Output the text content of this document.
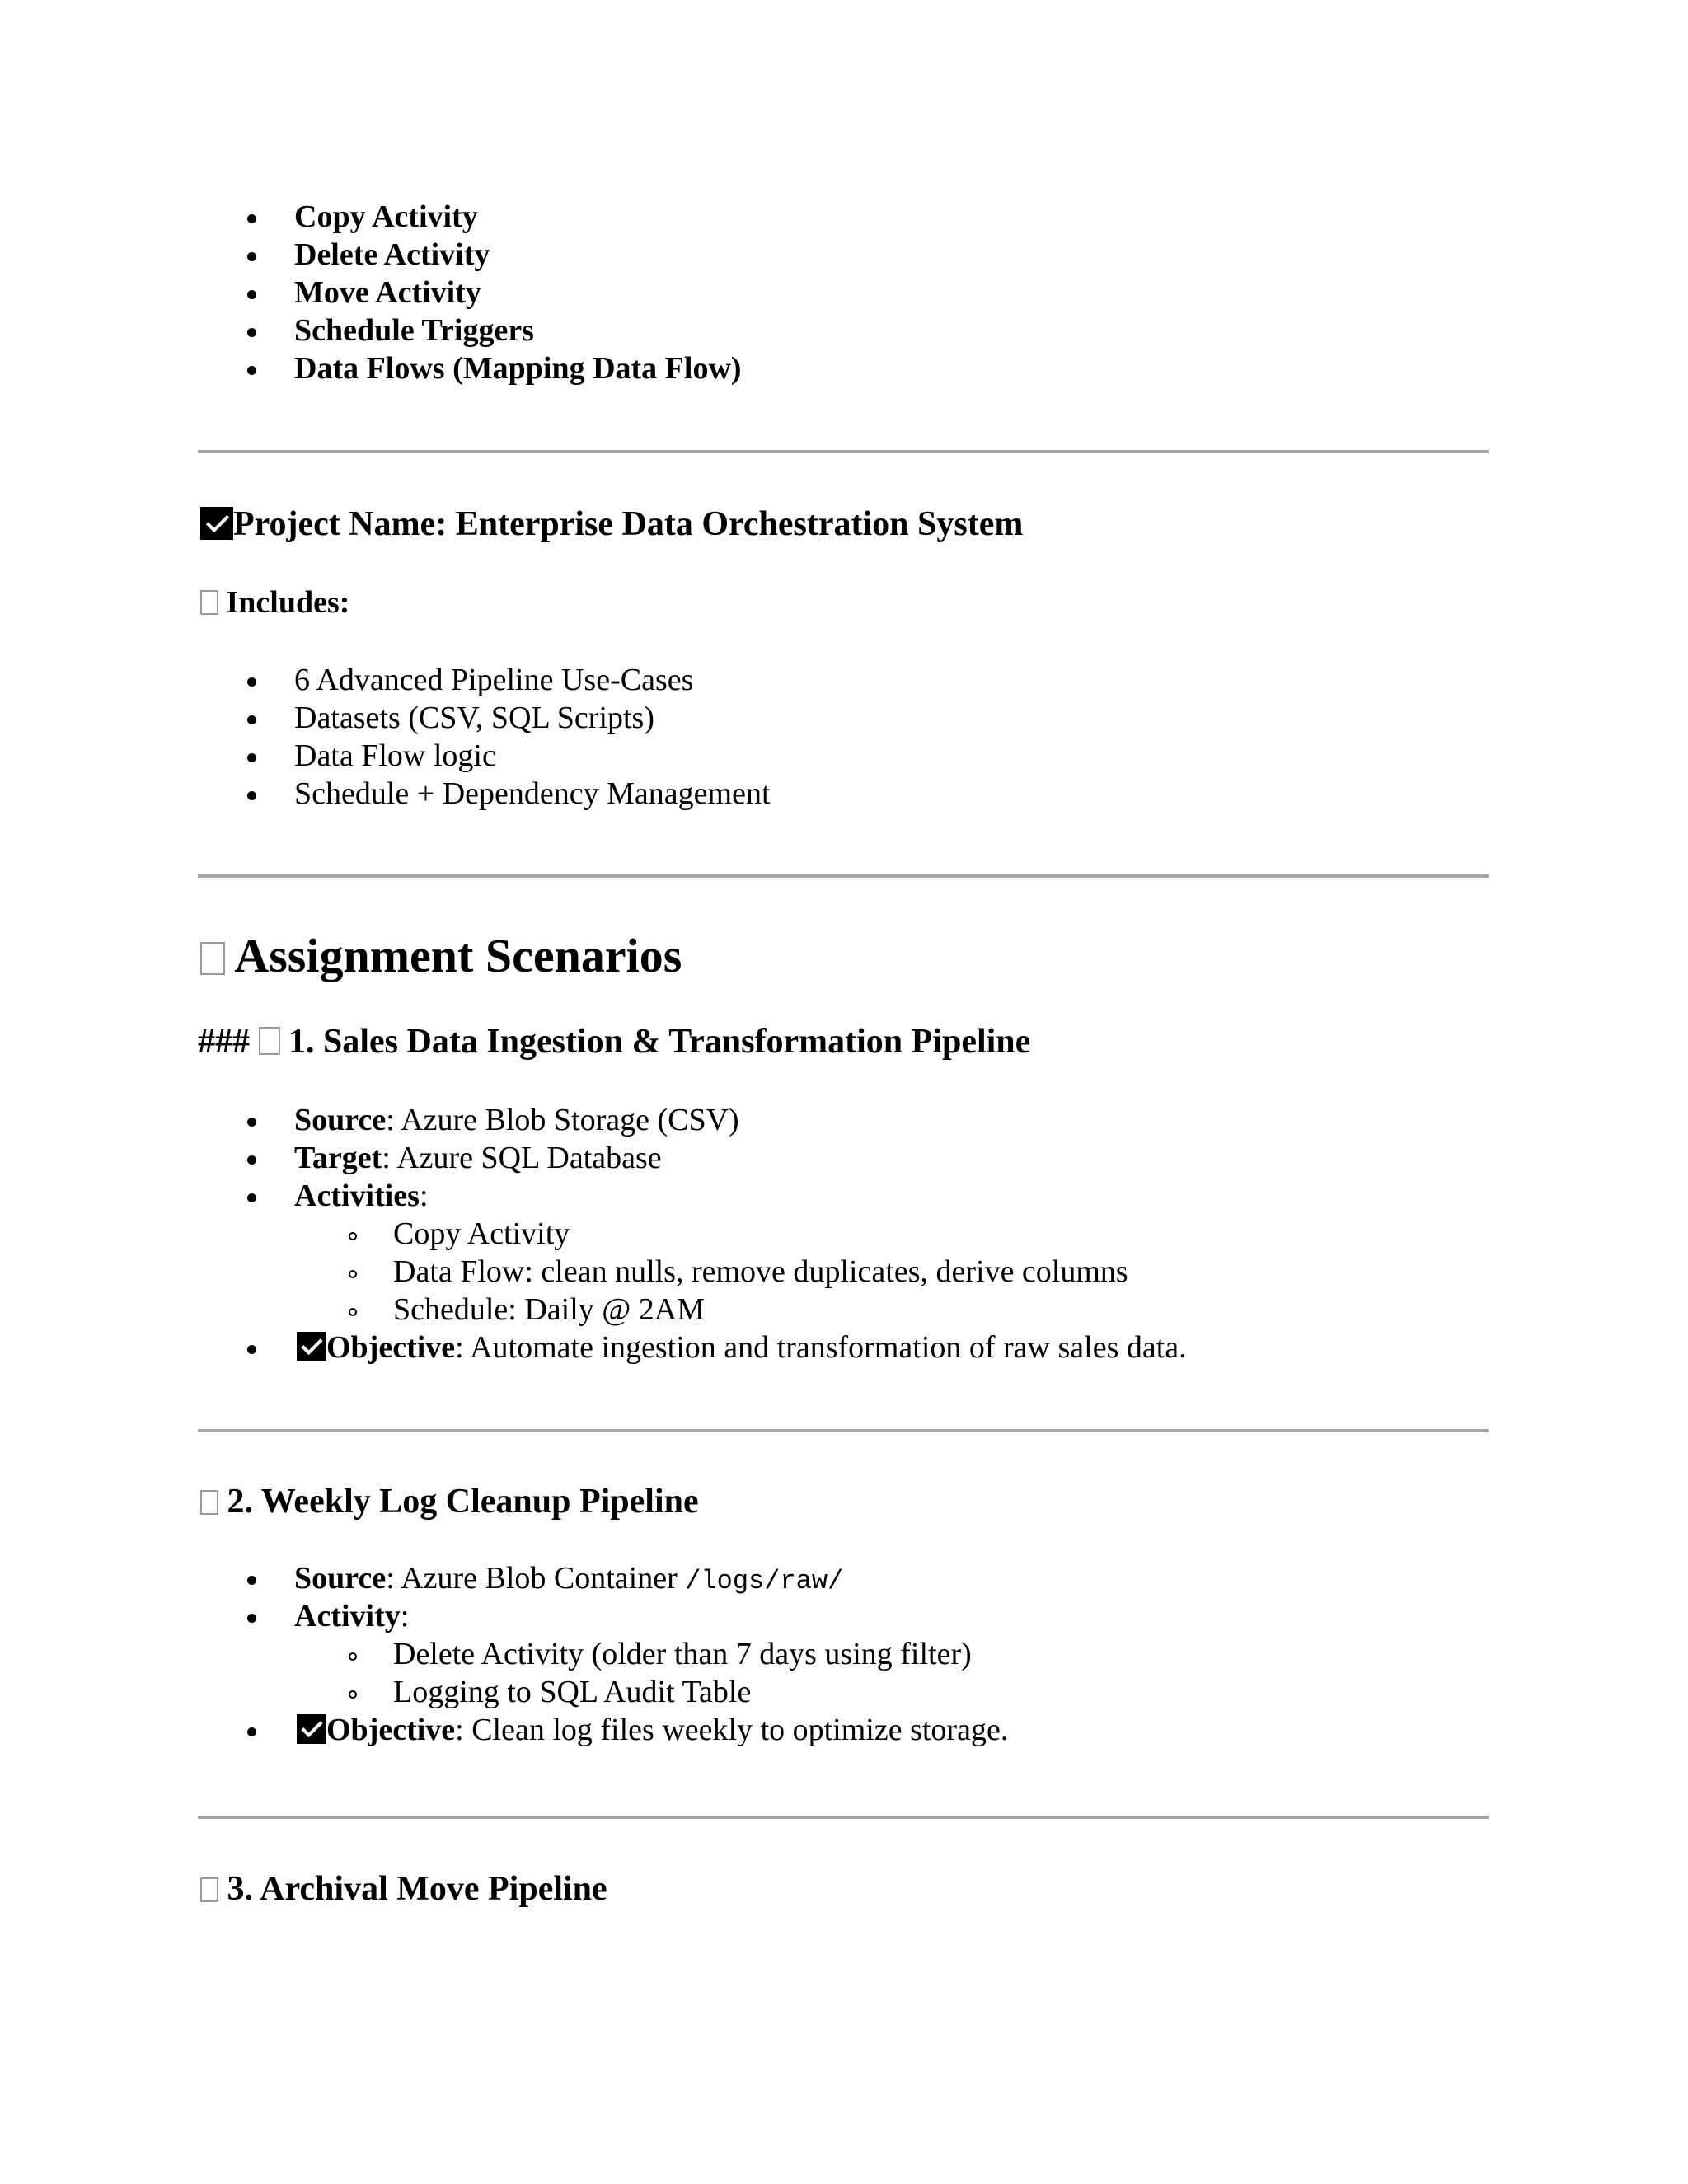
Copy Activity
Delete Activity
Move Activity
Schedule Triggers
Data Flows (Mapping Data Flow)
Project Name: Enterprise Data Orchestration System
Includes:
6 Advanced Pipeline Use-Cases
Datasets (CSV, SQL Scripts)
Data Flow logic
Schedule + Dependency Management
Assignment Scenarios
### 1. Sales Data Ingestion & Transformation Pipeline
Source: Azure Blob Storage (CSV)
Target: Azure SQL Database
Activities:
Copy Activity
Data Flow: clean nulls, remove duplicates, derive columns
Schedule: Daily @ 2AM
Objective: Automate ingestion and transformation of raw sales data.
2. Weekly Log Cleanup Pipeline
Source: Azure Blob Container /logs/raw/
Activity:
Delete Activity (older than 7 days using filter)
Logging to SQL Audit Table
Objective: Clean log files weekly to optimize storage.
3. Archival Move Pipeline
